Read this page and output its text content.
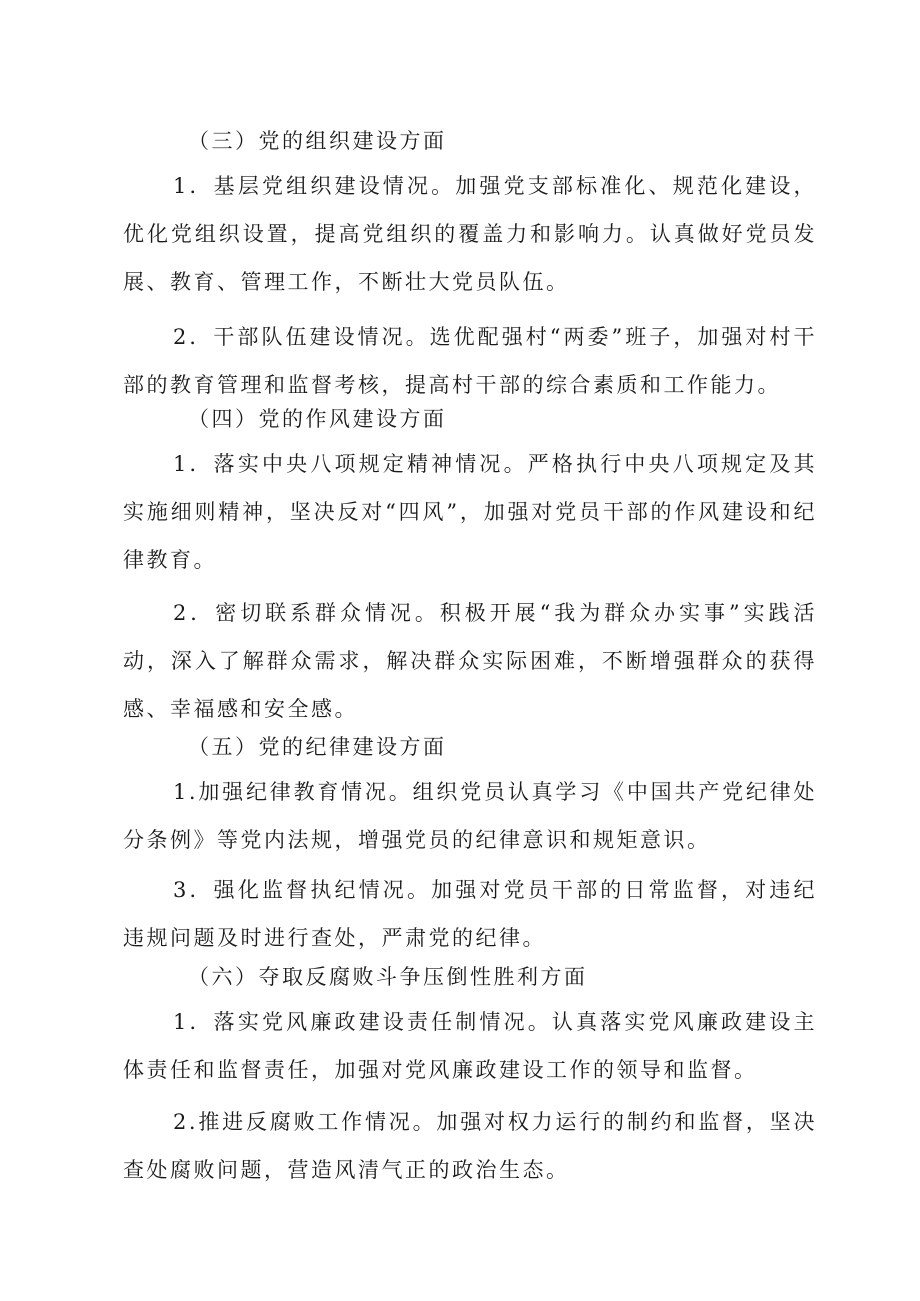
（三）党的组织建设方面

1．基层党组织建设情况。加强党支部标准化、规范化建设，优化党组织设置，提高党组织的覆盖力和影响力。认真做好党员发展、教育、管理工作，不断壮大党员队伍。

2．干部队伍建设情况。选优配强村“两委”班子，加强对村干部的教育管理和监督考核，提高村干部的综合素质和工作能力。

（四）党的作风建设方面

1．落实中央八项规定精神情况。严格执行中央八项规定及其实施细则精神，坚决反对“四风”，加强对党员干部的作风建设和纪律教育。

2．密切联系群众情况。积极开展“我为群众办实事”实践活动，深入了解群众需求，解决群众实际困难，不断增强群众的获得感、幸福感和安全感。

（五）党的纪律建设方面

1.加强纪律教育情况。组织党员认真学习《中国共产党纪律处分条例》等党内法规，增强党员的纪律意识和规矩意识。

3．强化监督执纪情况。加强对党员干部的日常监督，对违纪违规问题及时进行查处，严肃党的纪律。

（六）夺取反腐败斗争压倒性胜利方面

1．落实党风廉政建设责任制情况。认真落实党风廉政建设主体责任和监督责任，加强对党风廉政建设工作的领导和监督。

2.推进反腐败工作情况。加强对权力运行的制约和监督，坚决查处腐败问题，营造风清气正的政治生态。
